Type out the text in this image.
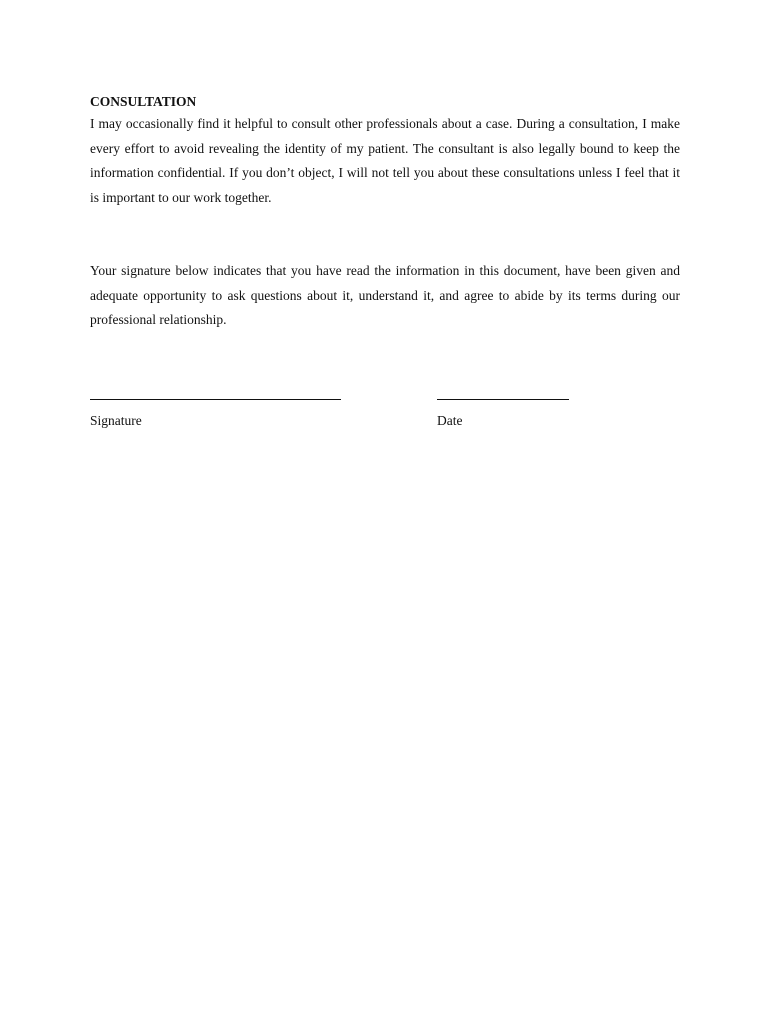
CONSULTATION

I may occasionally find it helpful to consult other professionals about a case. During a consultation, I make every effort to avoid revealing the identity of my patient. The consultant is also legally bound to keep the information confidential. If you don’t object, I will not tell you about these consultations unless I feel that it is important to our work together.

Your signature below indicates that you have read the information in this document, have been given and adequate opportunity to ask questions about it, understand it, and agree to abide by its terms during our professional relationship.

Signature	Date
